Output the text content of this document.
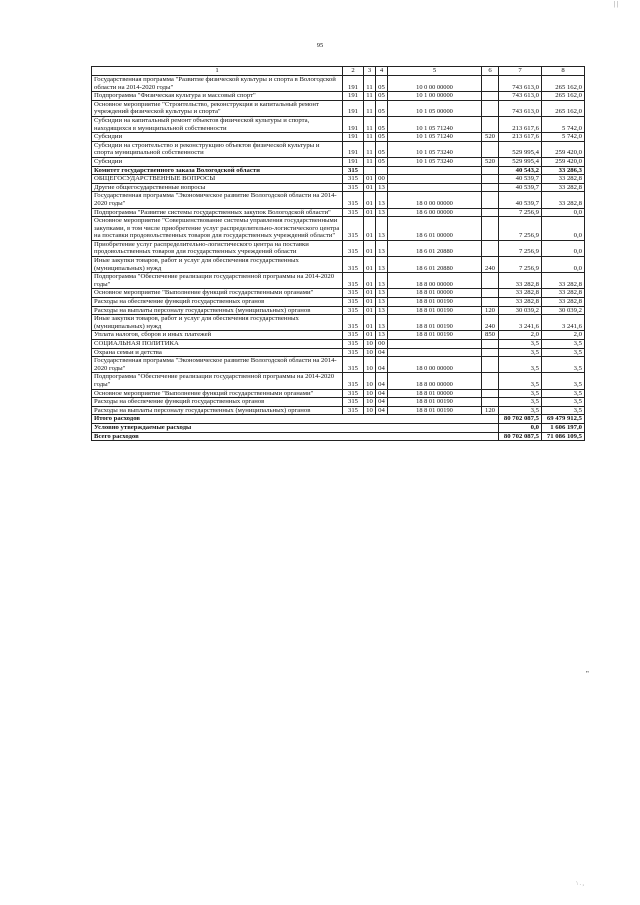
| |
95
1	2	3	4	5	6	7	8
Государственная программа "Развитие физической культуры и спорта в Вологодской области на 2014-2020 годы"	191	11	05	10 0 00 00000		743 613,0	265 162,0
Подпрограмма "Физическая культура и массовый спорт"	191	11	05	10 1 00 00000		743 613,0	265 162,0
Основное мероприятие "Строительство, реконструкция и капитальный ремонт учреждений физической культуры и спорта"	191	11	05	10 1 05 00000		743 613,0	265 162,0
Субсидии на капитальный ремонт объектов физической культуры и спорта, находящихся в муниципальной собственности	191	11	05	10 1 05 71240		213 617,6	5 742,0
Субсидии	191	11	05	10 1 05 71240	520	213 617,6	5 742,0
Субсидии на строительство и реконструкцию объектов физической культуры и спорта муниципальной собственности	191	11	05	10 1 05 73240		529 995,4	259 420,0
Субсидии	191	11	05	10 1 05 73240	520	529 995,4	259 420,0
Комитет государственного заказа Вологодской области	315					40 543,2	33 286,3
ОБЩЕГОСУДАРСТВЕННЫЕ ВОПРОСЫ	315	01	00			40 539,7	33 282,8
Другие общегосударственные вопросы	315	01	13			40 539,7	33 282,8
Государственная программа "Экономическое развитие Вологодской области на 2014-2020 годы"	315	01	13	18 0 00 00000		40 539,7	33 282,8
Подпрограмма "Развитие системы государственных закупок Вологодской области"	315	01	13	18 6 00 00000		7 256,9	0,0
Основное мероприятие "Совершенствование системы управления государственными закупками, в том числе приобретение услуг распределительно-логистического центра на поставки продовольственных товаров для государственных учреждений области"	315	01	13	18 6 01 00000		7 256,9	0,0
Приобретение услуг распределительно-логистического центра на поставки продовольственных товаров для государственных учреждений области	315	01	13	18 6 01 20880		7 256,9	0,0
Иные закупки товаров, работ и услуг для обеспечения государственных (муниципальных) нужд	315	01	13	18 6 01 20880	240	7 256,9	0,0
Подпрограмма "Обеспечение реализации государственной программы на 2014-2020 годы"	315	01	13	18 8 00 00000		33 282,8	33 282,8
Основное мероприятие "Выполнение функций государственными органами"	315	01	13	18 8 01 00000		33 282,8	33 282,8
Расходы на обеспечение функций государственных органов	315	01	13	18 8 01 00190		33 282,8	33 282,8
Расходы на выплаты персоналу государственных (муниципальных) органов	315	01	13	18 8 01 00190	120	30 039,2	30 039,2
Иные закупки товаров, работ и услуг для обеспечения государственных (муниципальных) нужд	315	01	13	18 8 01 00190	240	3 241,6	3 241,6
Уплата налогов, сборов и иных платежей	315	01	13	18 8 01 00190	850	2,0	2,0
СОЦИАЛЬНАЯ ПОЛИТИКА	315	10	00			3,5	3,5
Охрана семьи и детства	315	10	04			3,5	3,5
Государственная программа "Экономическое развитие Вологодской области на 2014-2020 годы"	315	10	04	18 0 00 00000		3,5	3,5
Подпрограмма "Обеспечение реализации государственной программы на 2014-2020 годы"	315	10	04	18 8 00 00000		3,5	3,5
Основное мероприятие "Выполнение функций государственными органами"	315	10	04	18 8 01 00000		3,5	3,5
Расходы на обеспечение функций государственных органов	315	10	04	18 8 01 00190		3,5	3,5
Расходы на выплаты персоналу государственных (муниципальных) органов	315	10	04	18 8 01 00190	120	3,5	3,5
Итого расходов						80 702 087,5	69 479 912,5
Условно утверждаемые расходы						0,0	1 606 197,0
Всего расходов						80 702 087,5	71 086 109,5
"
\ . ,
